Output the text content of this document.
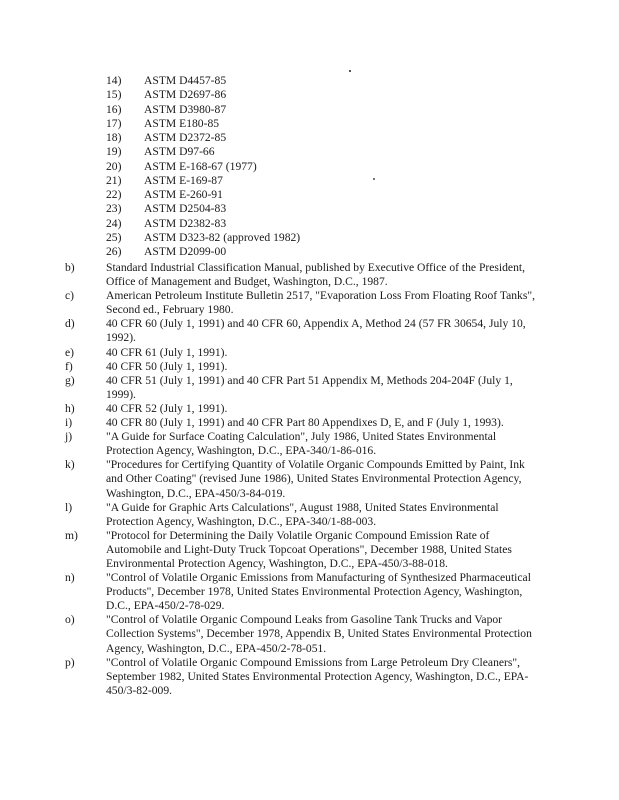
14) ASTM D4457-85
15) ASTM D2697-86
16) ASTM D3980-87
17) ASTM E180-85
18) ASTM D2372-85
19) ASTM D97-66
20) ASTM E-168-67 (1977)
21) ASTM E-169-87
22) ASTM E-260-91
23) ASTM D2504-83
24) ASTM D2382-83
25) ASTM D323-82 (approved 1982)
26) ASTM D2099-00
b)	Standard Industrial Classification Manual, published by Executive Office of the President, Office of Management and Budget, Washington, D.C., 1987.
c)	American Petroleum Institute Bulletin 2517, "Evaporation Loss From Floating Roof Tanks", Second ed., February 1980.
d)	40 CFR 60 (July 1, 1991) and 40 CFR 60, Appendix A, Method 24 (57 FR 30654, July 10, 1992).
e)	40 CFR 61 (July 1, 1991).
f)	40 CFR 50 (July 1, 1991).
g)	40 CFR 51 (July 1, 1991) and 40 CFR Part 51 Appendix M, Methods 204-204F (July 1, 1999).
h)	40 CFR 52 (July 1, 1991).
i)	40 CFR 80 (July 1, 1991) and 40 CFR Part 80 Appendixes D, E, and F (July 1, 1993).
j)	"A Guide for Surface Coating Calculation", July 1986, United States Environmental Protection Agency, Washington, D.C., EPA-340/1-86-016.
k)	"Procedures for Certifying Quantity of Volatile Organic Compounds Emitted by Paint, Ink and Other Coating" (revised June 1986), United States Environmental Protection Agency, Washington, D.C., EPA-450/3-84-019.
l)	"A Guide for Graphic Arts Calculations", August 1988, United States Environmental Protection Agency, Washington, D.C., EPA-340/1-88-003.
m) "Protocol for Determining the Daily Volatile Organic Compound Emission Rate of Automobile and Light-Duty Truck Topcoat Operations", December 1988, United States Environmental Protection Agency, Washington, D.C., EPA-450/3-88-018.
n)	"Control of Volatile Organic Emissions from Manufacturing of Synthesized Pharmaceutical Products", December 1978, United States Environmental Protection Agency, Washington, D.C., EPA-450/2-78-029.
o)	"Control of Volatile Organic Compound Leaks from Gasoline Tank Trucks and Vapor Collection Systems", December 1978, Appendix B, United States Environmental Protection Agency, Washington, D.C., EPA-450/2-78-051.
p)	"Control of Volatile Organic Compound Emissions from Large Petroleum Dry Cleaners", September 1982, United States Environmental Protection Agency, Washington, D.C., EPA-450/3-82-009.
